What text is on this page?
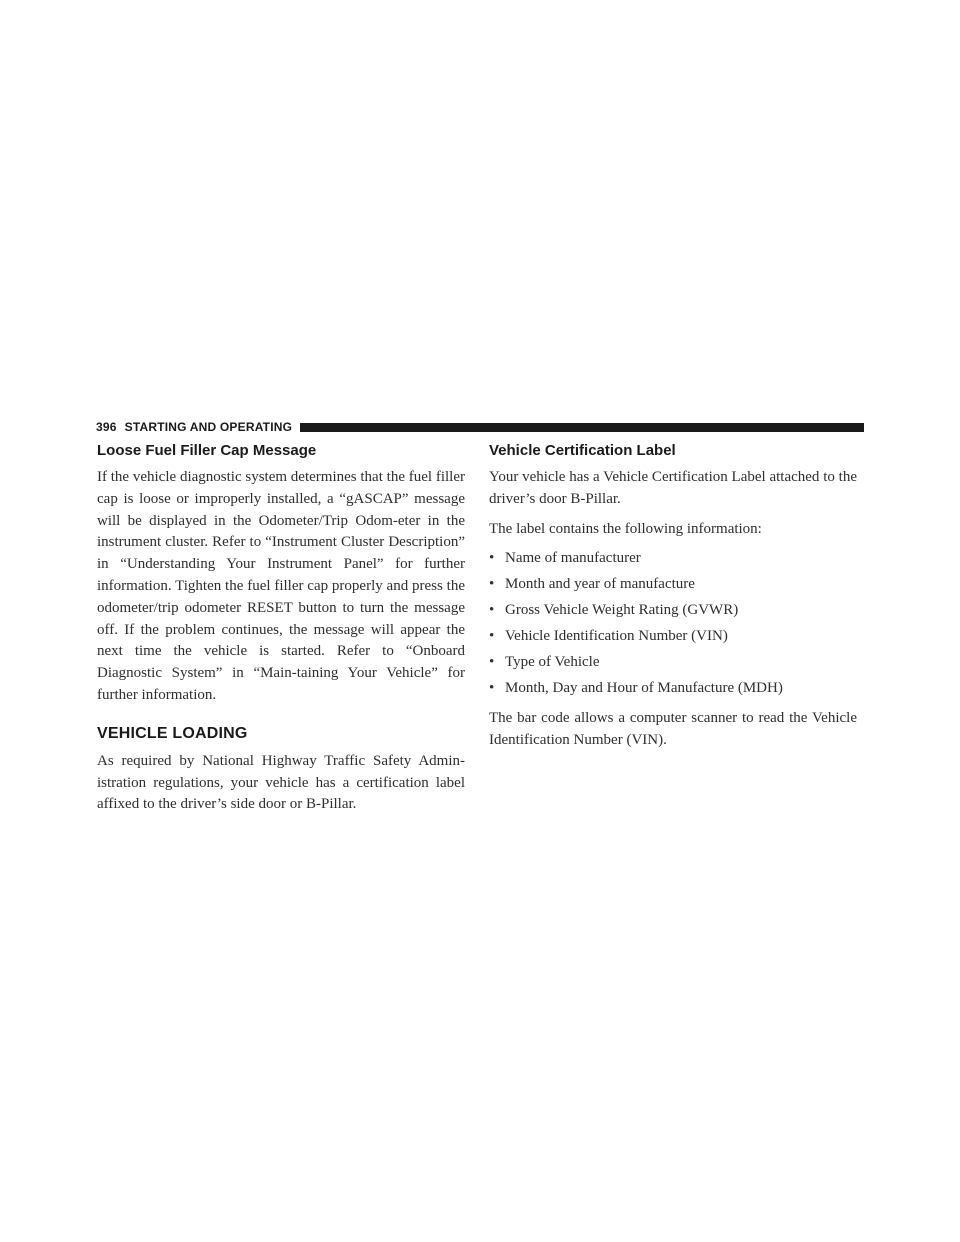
396 STARTING AND OPERATING
Loose Fuel Filler Cap Message

If the vehicle diagnostic system determines that the fuel filler cap is loose or improperly installed, a “gASCAP” message will be displayed in the Odometer/Trip Odom-eter in the instrument cluster. Refer to “Instrument Cluster Description” in “Understanding Your Instrument Panel” for further information. Tighten the fuel filler cap properly and press the odometer/trip odometer RESET button to turn the message off. If the problem continues, the message will appear the next time the vehicle is started. Refer to “Onboard Diagnostic System” in “Main-taining Your Vehicle” for further information.

VEHICLE LOADING

As required by National Highway Traffic Safety Admin-istration regulations, your vehicle has a certification label affixed to the driver’s side door or B-Pillar.

Vehicle Certification Label

Your vehicle has a Vehicle Certification Label attached to the driver’s door B-Pillar.

The label contains the following information:

• Name of manufacturer
• Month and year of manufacture
• Gross Vehicle Weight Rating (GVWR)
• Vehicle Identification Number (VIN)
• Type of Vehicle
• Month, Day and Hour of Manufacture (MDH)

The bar code allows a computer scanner to read the Vehicle Identification Number (VIN).
